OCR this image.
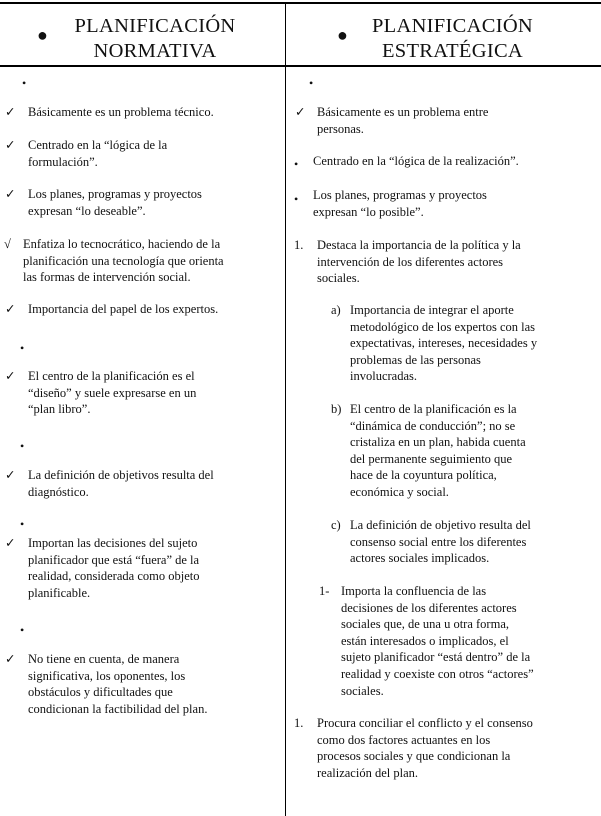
●	PLANIFICACIÓN
NORMATIVA
●	PLANIFICACIÓN
ESTRATÉGICA
•
✓ Básicamente es un problema técnico.
✓ Centrado en la “lógica de la
formulación”.
✓ Los planes, programas y proyectos
expresan “lo deseable”.
√ Enfatiza lo tecnocrático, haciendo de la
planificación una tecnología que orienta
las formas de intervención social.
✓ Importancia del papel de los expertos.
•
✓ El centro de la planificación es el
“diseño” y suele expresarse en un
“plan libro”.
•
✓ La definición de objetivos resulta del
diagnóstico.
•
✓ Importan las decisiones del sujeto
planificador que está “fuera” de la
realidad, considerada como objeto
planificable.
•
✓ No tiene en cuenta, de manera
significativa, los oponentes, los
obstáculos y dificultades que
condicionan la factibilidad del plan.
•
✓ Básicamente es un problema entre
personas.
• Centrado en la “lógica de la realización”.
• Los planes, programas y proyectos
expresan “lo posible”.
1. Destaca la importancia de la política y la
intervención de los diferentes actores
sociales.
a) Importancia de integrar el aporte
metodológico de los expertos con las
expectativas, intereses, necesidades y
problemas de las personas
involucradas.
b) El centro de la planificación es la
“dinámica de conducción”; no se
cristaliza en un plan, habida cuenta
del permanente seguimiento que
hace de la coyuntura política,
económica y social.
c) La definición de objetivo resulta del
consenso social entre los diferentes
actores sociales implicados.
1- Importa la confluencia de las
decisiones de los diferentes actores
sociales que, de una u otra forma,
están interesados o implicados, el
sujeto planificador “está dentro” de la
realidad y coexiste con otros “actores”
sociales.
1. Procura conciliar el conflicto y el consenso
como dos factores actuantes en los
procesos sociales y que condicionan la
realización del plan.
